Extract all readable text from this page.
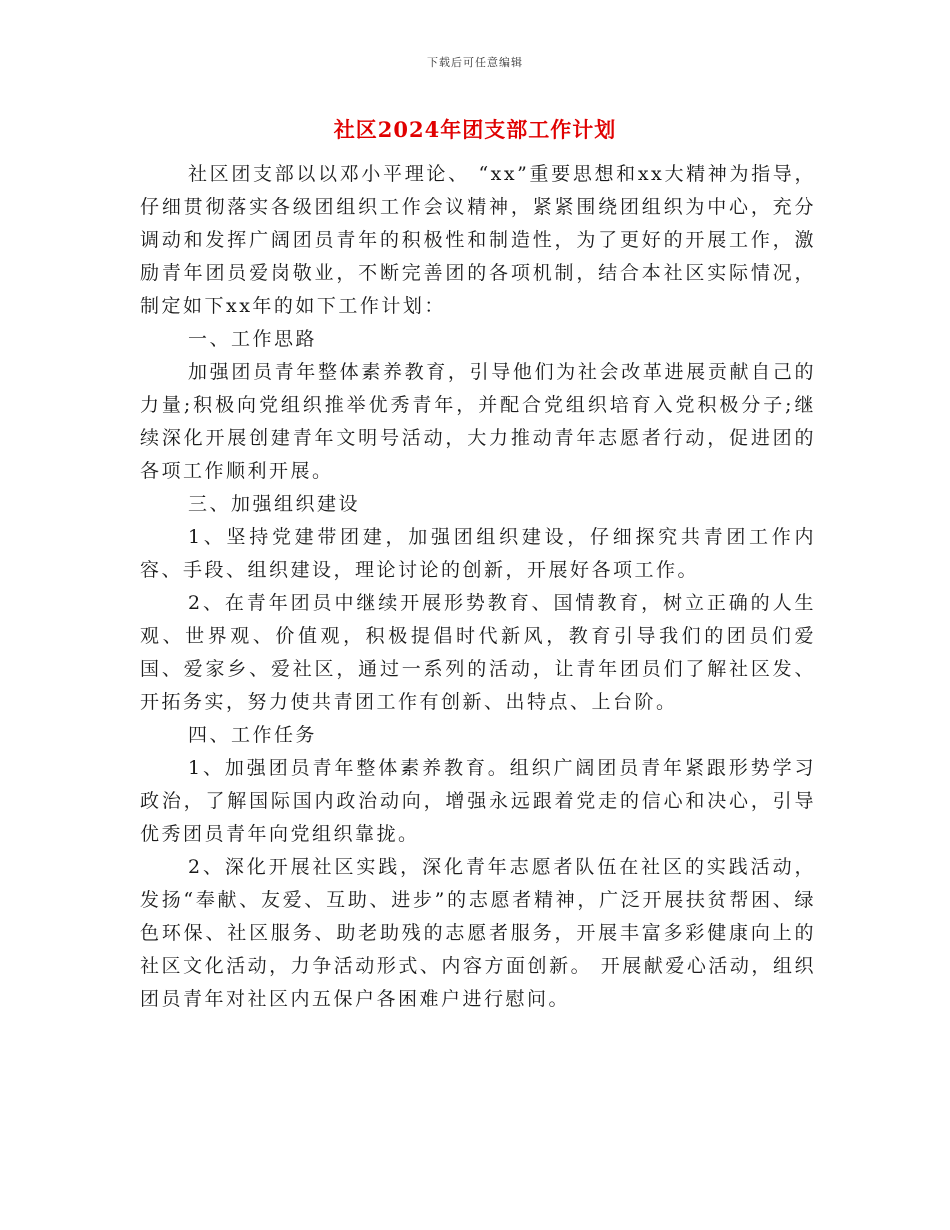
下载后可任意编辑
社区2024年团支部工作计划

社区团支部以以邓小平理论、 “xx”重要思想和xx大精神为指导，仔细贯彻落实各级团组织工作会议精神，紧紧围绕团组织为中心，充分调动和发挥广阔团员青年的积极性和制造性，为了更好的开展工作，激励青年团员爱岗敬业，不断完善团的各项机制，结合本社区实际情况，制定如下xx年的如下工作计划：

一、工作思路

加强团员青年整体素养教育，引导他们为社会改革进展贡献自己的力量;积极向党组织推举优秀青年，并配合党组织培育入党积极分子;继续深化开展创建青年文明号活动，大力推动青年志愿者行动，促进团的各项工作顺利开展。

三、加强组织建设

1、坚持党建带团建，加强团组织建设，仔细探究共青团工作内容、手段、组织建设，理论讨论的创新，开展好各项工作。

2、在青年团员中继续开展形势教育、国情教育，树立正确的人生观、世界观、价值观，积极提倡时代新风，教育引导我们的团员们爱国、爱家乡、爱社区，通过一系列的活动，让青年团员们了解社区发、开拓务实，努力使共青团工作有创新、出特点、上台阶。

四、工作任务

1、加强团员青年整体素养教育。组织广阔团员青年紧跟形势学习政治，了解国际国内政治动向，增强永远跟着党走的信心和决心，引导优秀团员青年向党组织靠拢。

2、深化开展社区实践，深化青年志愿者队伍在社区的实践活动，发扬“奉献、友爱、互助、进步”的志愿者精神，广泛开展扶贫帮困、绿色环保、社区服务、助老助残的志愿者服务，开展丰富多彩健康向上的社区文化活动，力争活动形式、内容方面创新。 开展献爱心活动，组织团员青年对社区内五保户各困难户进行慰问。
